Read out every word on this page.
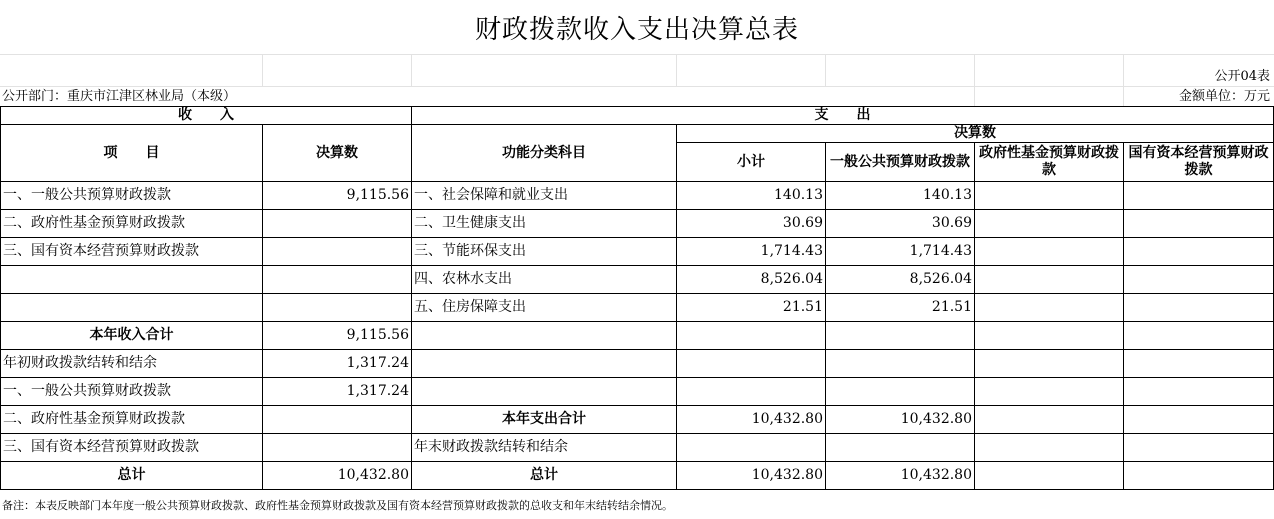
财政拨款收入支出决算总表
公开04表
公开部门：重庆市江津区林业局（本级）	金额单位：万元
收　　入		支　　出				
项　　目	决算数	功能分类科目	决算数			
			小计	一般公共预算财政拨款	政府性基金预算财政拨款	国有资本经营预算财政拨款
一、一般公共预算财政拨款	9,115.56	一、社会保障和就业支出	140.13	140.13		
二、政府性基金预算财政拨款		二、卫生健康支出	30.69	30.69		
三、国有资本经营预算财政拨款		三、节能环保支出	1,714.43	1,714.43		
		四、农林水支出	8,526.04	8,526.04		
		五、住房保障支出	21.51	21.51		
本年收入合计	9,115.56					
年初财政拨款结转和结余	1,317.24					
一、一般公共预算财政拨款	1,317.24					
二、政府性基金预算财政拨款		本年支出合计	10,432.80	10,432.80		
三、国有资本经营预算财政拨款		年末财政拨款结转和结余				
总计	10,432.80	总计	10,432.80	10,432.80		
备注：本表反映部门本年度一般公共预算财政拨款、政府性基金预算财政拨款及国有资本经营预算财政拨款的总收支和年末结转结余情况。
